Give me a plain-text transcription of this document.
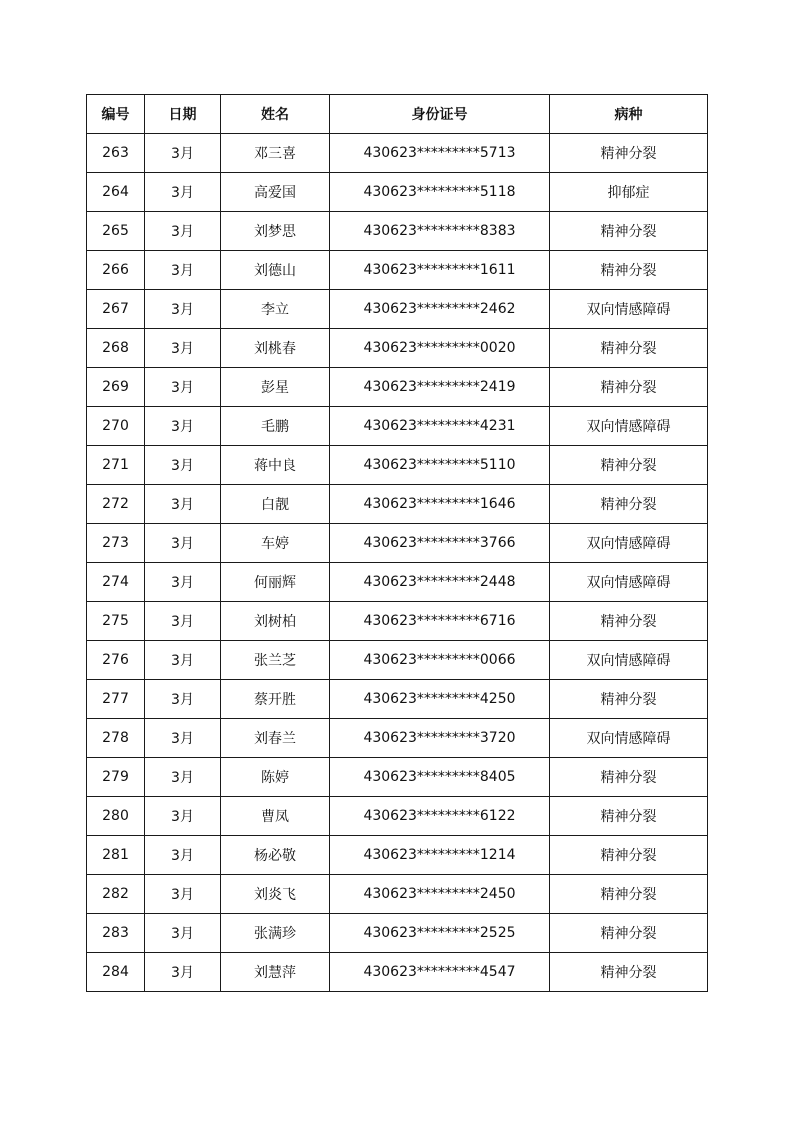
编号	日期	姓名	身份证号	病种
263	3月	邓三喜	430623*********5713	精神分裂
264	3月	高爱国	430623*********5118	抑郁症
265	3月	刘梦思	430623*********8383	精神分裂
266	3月	刘德山	430623*********1611	精神分裂
267	3月	李立	430623*********2462	双向情感障碍
268	3月	刘桃春	430623*********0020	精神分裂
269	3月	彭星	430623*********2419	精神分裂
270	3月	毛鹏	430623*********4231	双向情感障碍
271	3月	蒋中良	430623*********5110	精神分裂
272	3月	白靓	430623*********1646	精神分裂
273	3月	车婷	430623*********3766	双向情感障碍
274	3月	何丽辉	430623*********2448	双向情感障碍
275	3月	刘树柏	430623*********6716	精神分裂
276	3月	张兰芝	430623*********0066	双向情感障碍
277	3月	蔡开胜	430623*********4250	精神分裂
278	3月	刘春兰	430623*********3720	双向情感障碍
279	3月	陈婷	430623*********8405	精神分裂
280	3月	曹凤	430623*********6122	精神分裂
281	3月	杨必敬	430623*********1214	精神分裂
282	3月	刘炎飞	430623*********2450	精神分裂
283	3月	张满珍	430623*********2525	精神分裂
284	3月	刘慧萍	430623*********4547	精神分裂
